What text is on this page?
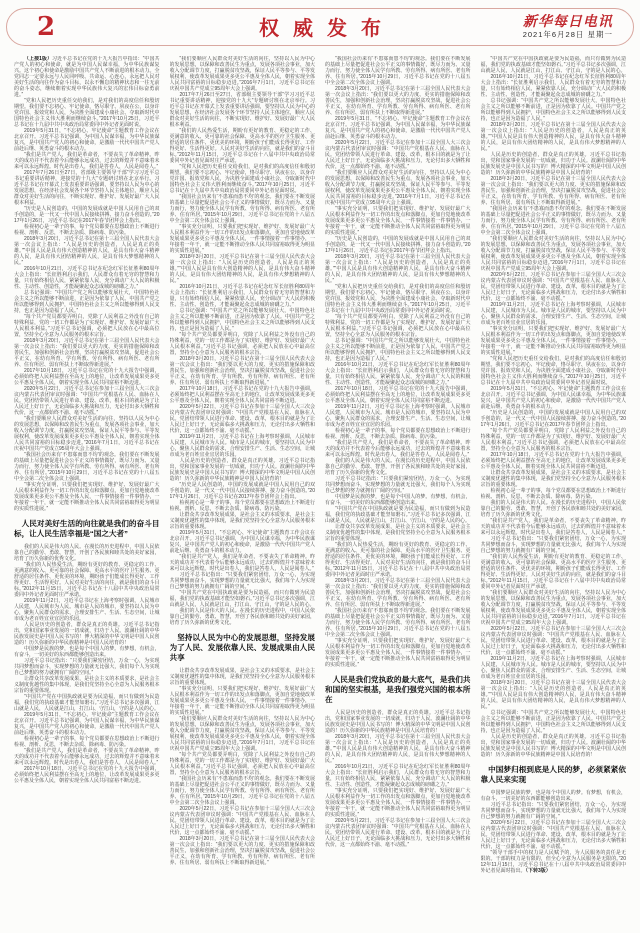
2	权威发布	新华每日电讯
2021年6月28日 星期一

（上接1版）习近平总书记在党的十九大报告中指出：“中国共产党人的初心和使命，就是为中国人民谋幸福，为中华民族谋复兴。这个初心和使命是激励中国共产党人不断前进的根本动力。全党同志一定要永远与人民同呼吸、共命运、心连心，永远把人民对美好生活的向往作为奋斗目标，以永不懈怠的精神状态和一往无前的奋斗姿态，继续朝着实现中华民族伟大复兴的宏伟目标奋勇前进。”

“党和人民把历史重任交给我们，是对我们的高度信任和殷切期望。我们要不忘初心、牢记使命，恪尽职守、夙夜在公，以身许党许国、报效党和人民，为决胜全面建成小康社会、夺取新时代中国特色社会主义伟大胜利而继续奋斗。”2017年10月25日，习近平总书记在十九届中共中央政治局常委同中外记者见面时说。

2019年5月31日，“不忘初心、牢记使命”主题教育工作会议在北京召开。习近平总书记强调，为中国人民谋幸福，为中华民族谋复兴，是中国共产党人的初心和使命，是激励一代代中国共产党人前赴后继、英勇奋斗的根本动力。

“我们是共产党人，我们是革命者，不要丧失了革命精神。昨天的成功并不代表着今后能够永远成功，过去的辉煌并不意味着未来可以永远辉煌。时代是出卷人，我们是答卷人，人民是阅卷人。”

2017年7月26日至27日，省部级主要领导干部“学习习近平总书记重要讲话精神，迎接党的十九大”专题研讨班在北京举行。习近平总书记在开幕式上发表重要讲话强调，要坚持以人民为中心的发展思想，在经济社会发展各个环节坚持人民主体地位，顺应人民群众对美好生活的向往，不断实现好、维护好、发展好最广大人民根本利益。

“历史是人民创造的，中国的发展成就是中国人民用自己的双手创造的，是一代又一代中国人民接续拼搏、接力奋斗创造的。”2017年1月26日，习近平总书记在2017年春节团拜会上指出。

检视初心是一辈子的事，每个党员都要在思想政治上不断进行检视、剖析、反思，不断去杂质、除病毒、防污染。

2018年3月20日，习近平总书记在第十三届全国人民代表大会第一次会议上指出：“人民是历史的创造者，人民是真正的英雄。”“中国人民是具有伟大创造精神的人民，是具有伟大奋斗精神的人民，是具有伟大团结精神的人民，是具有伟大梦想精神的人民。”

2016年10月21日，习近平总书记在纪念红军长征胜利80周年大会上指出：“长征胜利启示我们，人民群众有着无穷的智慧和力量，只有始终相信人民，紧紧依靠人民，充分调动广大人民的积极性、主动性、创造性，才能凝聚起众志成城的磅礴之力。”

总书记强调：“中国共产党之所以能够发展壮大，中国特色社会主义之所以能够不断前进，正是因为依靠了人民。中国共产党之所以能够得到人民拥护，中国特色社会主义之所以能够得到人民支持，也正是因为造福了人民。”

“每个共产党员都要弄明白，党除了人民利益之外没有自己的特殊利益，党的一切工作都是为了实现好、维护好、发展好最广大人民根本利益。”习近平总书记强调，必须把人民放在心中最高位置，坚持全心全意为人民服务的根本宗旨。

2018年3月20日，习近平总书记在第十三届全国人民代表大会第一次会议上指出：“我们要以更大的力度、更实的措施保障和改善民生，加强和创新社会治理，坚决打赢脱贫攻坚战，促进社会公平正义，在幼有所育、学有所教、劳有所得、病有所医、老有所养、住有所居、弱有所扶上不断取得新进展。”

2017年10月18日，习近平总书记在党的十九大报告中强调，必须始终把人民利益摆在至高无上的地位，让改革发展成果更多更公平惠及全体人民，朝着实现全体人民共同富裕不断迈进。

2020年5月22日，习近平总书记在参加十三届全国人大三次会议内蒙古代表团审议时强调：“中国共产党根基在人民、血脉在人民。党团结带领人民进行革命、建设、改革，根本目的就是为了让人民过上好日子，无论面临多大挑战和压力，无论付出多大牺牲和代价，这一点都始终不渝、毫不动摇。”

“我们要顺应人民群众对美好生活的向往，坚持以人民为中心的发展思想，以保障和改善民生为重点，发展各项社会事业，加大收入分配调节力度，打赢脱贫攻坚战，保证人民平等参与、平等发展权利，使改革发展成果更多更公平惠及全体人民，朝着实现全体人民共同富裕的目标稳步迈进。”2016年7月1日，习近平总书记在庆祝中国共产党成立95周年大会上强调。

“我国社会历来有‘不患寡而患不均’的观念。我们要在不断发展的基础上尽量把促进社会公平正义的事情做好，既尽力而为、又量力而行，努力使全体人民学有所教、劳有所得、病有所医、老有所养、住有所居。”2015年10月29日，习近平总书记在党的十八届五中全会第二次全体会议上强调。

“事实充分证明，只要我们把实现好、维护好、发展好最广大人民根本利益作为一切工作的出发点和落脚点，更加自觉地使改革发展成果更多更公平惠及全体人民，一件事情接着一件事情办，一年接着一年干，就一定能不断推动全体人民共同富裕取得更为明显的实质性进展。”

人民对美好生活的向往就是我们的奋斗目标，让人民生活幸福是“国之大者”

我们的人民是伟大的人民。在漫长的历史进程中，中国人民依靠自己的勤劳、勇敢、智慧，开创了各民族和睦共处的美好家园，培育了历久弥新的优秀文化。

“我们的人民热爱生活，期盼有更好的教育、更稳定的工作、更满意的收入、更可靠的社会保障、更高水平的医疗卫生服务、更舒适的居住条件、更优美的环境，期盼孩子们能成长得更好、工作得更好、生活得更好。人民对美好生活的向往，就是我们的奋斗目标。”2012年11月15日，习近平总书记在十八届中共中央政治局常委同中外记者见面时庄严承诺。

2019年11月2日，习近平总书记在上海考察时强调，人民城市人民建，人民城市为人民。城市是人民的城市，要坚持以人民为中心，聚焦人民群众的需求，合理安排生产、生活、生态空间，让城市成为老百姓宜业宜居的乐园。

人民是历史的创造者，群众是真正的英雄。习近平总书记指出，党和国家事业发展的一切成就，归功于人民。波澜壮阔的中华民族发展史是中国人民书写的！博大精深的中华文明是中国人民创造的！历久弥新的中华民族精神是中国人民培育的！

中国梦是民族的梦，也是每个中国人的梦。有梦想，有机会，有奋斗，一切美好的东西都能够创造出来。

习近平总书记指出：“只要我们紧密团结，万众一心，为实现共同梦想而奋斗，实现梦想的力量就无比强大，我们每个人为实现自己梦想的努力就拥有广阔的空间。”

让群众共享改革发展成果，是社会主义的本质要求，是社会主义制度优越性的集中体现，是我们党坚持全心全意为人民服务根本宗旨的重要体现。

“中国共产党在中国执政就是要为民造福，而只有做到为民造福，我们党的执政基础才能坚如磐石。”习近平总书记多次强调，江山就是人民，人民就是江山，打江山、守江山，守的是人民的心。

2019年5月31日，“不忘初心、牢记使命”主题教育工作会议在北京召开。习近平总书记强调，为中国人民谋幸福，为中华民族谋复兴，是中国共产党人的初心和使命，是激励一代代中国共产党人前赴后继、英勇奋斗的根本动力。

检视初心是一辈子的事，每个党员都要在思想政治上不断进行检视、剖析、反思，不断去杂质、除病毒、防污染。

“我们是共产党人，我们是革命者，不要丧失了革命精神。昨天的成功并不代表着今后能够永远成功，过去的辉煌并不意味着未来可以永远辉煌。时代是出卷人，我们是答卷人，人民是阅卷人。”

2017年10月18日，习近平总书记在党的十九大报告中强调，必须始终把人民利益摆在至高无上的地位，让改革发展成果更多更公平惠及全体人民，朝着实现全体人民共同富裕不断迈进。

“我们要顺应人民群众对美好生活的向往，坚持以人民为中心的发展思想，以保障和改善民生为重点，发展各项社会事业，加大收入分配调节力度，打赢脱贫攻坚战，保证人民平等参与、平等发展权利，使改革发展成果更多更公平惠及全体人民，朝着实现全体人民共同富裕的目标稳步迈进。”2016年7月1日，习近平总书记在庆祝中国共产党成立95周年大会上强调。

2017年7月26日至27日，省部级主要领导干部“学习习近平总书记重要讲话精神，迎接党的十九大”专题研讨班在北京举行。习近平总书记在开幕式上发表重要讲话强调，要坚持以人民为中心的发展思想，在经济社会发展各个环节坚持人民主体地位，顺应人民群众对美好生活的向往，不断实现好、维护好、发展好最广大人民根本利益。

“我们的人民热爱生活，期盼有更好的教育、更稳定的工作、更满意的收入、更可靠的社会保障、更高水平的医疗卫生服务、更舒适的居住条件、更优美的环境，期盼孩子们能成长得更好、工作得更好、生活得更好。人民对美好生活的向往，就是我们的奋斗目标。”2012年11月15日，习近平总书记在十八届中共中央政治局常委同中外记者见面时庄严承诺。

“党和人民把历史重任交给我们，是对我们的高度信任和殷切期望。我们要不忘初心、牢记使命，恪尽职守、夙夜在公，以身许党许国、报效党和人民，为决胜全面建成小康社会、夺取新时代中国特色社会主义伟大胜利而继续奋斗。”2017年10月25日，习近平总书记在十九届中共中央政治局常委同中外记者见面时说。

“我国社会历来有‘不患寡而患不均’的观念。我们要在不断发展的基础上尽量把促进社会公平正义的事情做好，既尽力而为、又量力而行，努力使全体人民学有所教、劳有所得、病有所医、老有所养、住有所居。”2015年10月29日，习近平总书记在党的十八届五中全会第二次全体会议上强调。

“事实充分证明，只要我们把实现好、维护好、发展好最广大人民根本利益作为一切工作的出发点和落脚点，更加自觉地使改革发展成果更多更公平惠及全体人民，一件事情接着一件事情办，一年接着一年干，就一定能不断推动全体人民共同富裕取得更为明显的实质性进展。”

2018年3月20日，习近平总书记在第十三届全国人民代表大会第一次会议上指出：“人民是历史的创造者，人民是真正的英雄。”“中国人民是具有伟大创造精神的人民，是具有伟大奋斗精神的人民，是具有伟大团结精神的人民，是具有伟大梦想精神的人民。”

2016年10月21日，习近平总书记在纪念红军长征胜利80周年大会上指出：“长征胜利启示我们，人民群众有着无穷的智慧和力量，只有始终相信人民，紧紧依靠人民，充分调动广大人民的积极性、主动性、创造性，才能凝聚起众志成城的磅礴之力。”

总书记强调：“中国共产党之所以能够发展壮大，中国特色社会主义之所以能够不断前进，正是因为依靠了人民。中国共产党之所以能够得到人民拥护，中国特色社会主义之所以能够得到人民支持，也正是因为造福了人民。”

“每个共产党员都要弄明白，党除了人民利益之外没有自己的特殊利益，党的一切工作都是为了实现好、维护好、发展好最广大人民根本利益。”习近平总书记强调，必须把人民放在心中最高位置，坚持全心全意为人民服务的根本宗旨。

2018年3月20日，习近平总书记在第十三届全国人民代表大会第一次会议上指出：“我们要以更大的力度、更实的措施保障和改善民生，加强和创新社会治理，坚决打赢脱贫攻坚战，促进社会公平正义，在幼有所育、学有所教、劳有所得、病有所医、老有所养、住有所居、弱有所扶上不断取得新进展。”

2017年10月18日，习近平总书记在党的十九大报告中强调，必须始终把人民利益摆在至高无上的地位，让改革发展成果更多更公平惠及全体人民，朝着实现全体人民共同富裕不断迈进。

2020年5月22日，习近平总书记在参加十三届全国人大三次会议内蒙古代表团审议时强调：“中国共产党根基在人民、血脉在人民。党团结带领人民进行革命、建设、改革，根本目的就是为了让人民过上好日子，无论面临多大挑战和压力，无论付出多大牺牲和代价，这一点都始终不渝、毫不动摇。”

2019年11月2日，习近平总书记在上海考察时强调，人民城市人民建，人民城市为人民。城市是人民的城市，要坚持以人民为中心，聚焦人民群众的需求，合理安排生产、生活、生态空间，让城市成为老百姓宜业宜居的乐园。

人民是历史的创造者，群众是真正的英雄。习近平总书记指出，党和国家事业发展的一切成就，归功于人民。波澜壮阔的中华民族发展史是中国人民书写的！博大精深的中华文明是中国人民创造的！历久弥新的中华民族精神是中国人民培育的！

“历史是人民创造的，中国的发展成就是中国人民用自己的双手创造的，是一代又一代中国人民接续拼搏、接力奋斗创造的。”2017年1月26日，习近平总书记在2017年春节团拜会上指出。

检视初心是一辈子的事，每个党员都要在思想政治上不断进行检视、剖析、反思，不断去杂质、除病毒、防污染。

让群众共享改革发展成果，是社会主义的本质要求，是社会主义制度优越性的集中体现，是我们党坚持全心全意为人民服务根本宗旨的重要体现。

2019年5月31日，“不忘初心、牢记使命”主题教育工作会议在北京召开。习近平总书记强调，为中国人民谋幸福，为中华民族谋复兴，是中国共产党人的初心和使命，是激励一代代中国共产党人前赴后继、英勇奋斗的根本动力。

“我们是共产党人，我们是革命者，不要丧失了革命精神。昨天的成功并不代表着今后能够永远成功，过去的辉煌并不意味着未来可以永远辉煌。时代是出卷人，我们是答卷人，人民是阅卷人。”

习近平总书记指出：“只要我们紧密团结，万众一心，为实现共同梦想而奋斗，实现梦想的力量就无比强大，我们每个人为实现自己梦想的努力就拥有广阔的空间。”

“中国共产党在中国执政就是要为民造福，而只有做到为民造福，我们党的执政基础才能坚如磐石。”习近平总书记多次强调，江山就是人民，人民就是江山，打江山、守江山，守的是人民的心。

我们的人民是伟大的人民。在漫长的历史进程中，中国人民依靠自己的勤劳、勇敢、智慧，开创了各民族和睦共处的美好家园，培育了历久弥新的优秀文化。

坚持以人民为中心的发展思想，坚持发展为了人民、发展依靠人民、发展成果由人民共享

让群众共享改革发展成果，是社会主义的本质要求，是社会主义制度优越性的集中体现，是我们党坚持全心全意为人民服务根本宗旨的重要体现。

“事实充分证明，只要我们把实现好、维护好、发展好最广大人民根本利益作为一切工作的出发点和落脚点，更加自觉地使改革发展成果更多更公平惠及全体人民，一件事情接着一件事情办，一年接着一年干，就一定能不断推动全体人民共同富裕取得更为明显的实质性进展。”

“我们要顺应人民群众对美好生活的向往，坚持以人民为中心的发展思想，以保障和改善民生为重点，发展各项社会事业，加大收入分配调节力度，打赢脱贫攻坚战，保证人民平等参与、平等发展权利，使改革发展成果更多更公平惠及全体人民，朝着实现全体人民共同富裕的目标稳步迈进。”2016年7月1日，习近平总书记在庆祝中国共产党成立95周年大会上强调。

“每个共产党员都要弄明白，党除了人民利益之外没有自己的特殊利益，党的一切工作都是为了实现好、维护好、发展好最广大人民根本利益。”习近平总书记强调，必须把人民放在心中最高位置，坚持全心全意为人民服务的根本宗旨。

“我国社会历来有‘不患寡而患不均’的观念。我们要在不断发展的基础上尽量把促进社会公平正义的事情做好，既尽力而为、又量力而行，努力使全体人民学有所教、劳有所得、病有所医、老有所养、住有所居。”2015年10月29日，习近平总书记在党的十八届五中全会第二次全体会议上强调。

2020年5月22日，习近平总书记在参加十三届全国人大三次会议内蒙古代表团审议时强调：“中国共产党根基在人民、血脉在人民。党团结带领人民进行革命、建设、改革，根本目的就是为了让人民过上好日子，无论面临多大挑战和压力，无论付出多大牺牲和代价，这一点都始终不渝、毫不动摇。”

2018年3月20日，习近平总书记在第十三届全国人民代表大会第一次会议上指出：“我们要以更大的力度、更实的措施保障和改善民生，加强和创新社会治理，坚决打赢脱贫攻坚战，促进社会公平正义，在幼有所育、学有所教、劳有所得、病有所医、老有所养、住有所居、弱有所扶上不断取得新进展。”

“我国社会历来有‘不患寡而患不均’的观念。我们要在不断发展的基础上尽量把促进社会公平正义的事情做好，既尽力而为、又量力而行，努力使全体人民学有所教、劳有所得、病有所医、老有所养、住有所居。”2015年10月29日，习近平总书记在党的十八届五中全会第二次全体会议上强调。

2018年3月20日，习近平总书记在第十三届全国人民代表大会第一次会议上指出：“我们要以更大的力度、更实的措施保障和改善民生，加强和创新社会治理，坚决打赢脱贫攻坚战，促进社会公平正义，在幼有所育、学有所教、劳有所得、病有所医、老有所养、住有所居、弱有所扶上不断取得新进展。”

2019年5月31日，“不忘初心、牢记使命”主题教育工作会议在北京召开。习近平总书记强调，为中国人民谋幸福，为中华民族谋复兴，是中国共产党人的初心和使命，是激励一代代中国共产党人前赴后继、英勇奋斗的根本动力。

2020年5月22日，习近平总书记在参加十三届全国人大三次会议内蒙古代表团审议时强调：“中国共产党根基在人民、血脉在人民。党团结带领人民进行革命、建设、改革，根本目的就是为了让人民过上好日子，无论面临多大挑战和压力，无论付出多大牺牲和代价，这一点都始终不渝、毫不动摇。”

“我们要顺应人民群众对美好生活的向往，坚持以人民为中心的发展思想，以保障和改善民生为重点，发展各项社会事业，加大收入分配调节力度，打赢脱贫攻坚战，保证人民平等参与、平等发展权利，使改革发展成果更多更公平惠及全体人民，朝着实现全体人民共同富裕的目标稳步迈进。”2016年7月1日，习近平总书记在庆祝中国共产党成立95周年大会上强调。

“事实充分证明，只要我们把实现好、维护好、发展好最广大人民根本利益作为一切工作的出发点和落脚点，更加自觉地使改革发展成果更多更公平惠及全体人民，一件事情接着一件事情办，一年接着一年干，就一定能不断推动全体人民共同富裕取得更为明显的实质性进展。”

“历史是人民创造的，中国的发展成就是中国人民用自己的双手创造的，是一代又一代中国人民接续拼搏、接力奋斗创造的。”2017年1月26日，习近平总书记在2017年春节团拜会上指出。

2018年3月20日，习近平总书记在第十三届全国人民代表大会第一次会议上指出：“人民是历史的创造者，人民是真正的英雄。”“中国人民是具有伟大创造精神的人民，是具有伟大奋斗精神的人民，是具有伟大团结精神的人民，是具有伟大梦想精神的人民。”

“党和人民把历史重任交给我们，是对我们的高度信任和殷切期望。我们要不忘初心、牢记使命，恪尽职守、夙夜在公，以身许党许国、报效党和人民，为决胜全面建成小康社会、夺取新时代中国特色社会主义伟大胜利而继续奋斗。”2017年10月25日，习近平总书记在十九届中共中央政治局常委同中外记者见面时说。

“每个共产党员都要弄明白，党除了人民利益之外没有自己的特殊利益，党的一切工作都是为了实现好、维护好、发展好最广大人民根本利益。”习近平总书记强调，必须把人民放在心中最高位置，坚持全心全意为人民服务的根本宗旨。

总书记强调：“中国共产党之所以能够发展壮大，中国特色社会主义之所以能够不断前进，正是因为依靠了人民。中国共产党之所以能够得到人民拥护，中国特色社会主义之所以能够得到人民支持，也正是因为造福了人民。”

2016年10月21日，习近平总书记在纪念红军长征胜利80周年大会上指出：“长征胜利启示我们，人民群众有着无穷的智慧和力量，只有始终相信人民，紧紧依靠人民，充分调动广大人民的积极性、主动性、创造性，才能凝聚起众志成城的磅礴之力。”

2017年10月18日，习近平总书记在党的十九大报告中强调，必须始终把人民利益摆在至高无上的地位，让改革发展成果更多更公平惠及全体人民，朝着实现全体人民共同富裕不断迈进。

2019年11月2日，习近平总书记在上海考察时强调，人民城市人民建，人民城市为人民。城市是人民的城市，要坚持以人民为中心，聚焦人民群众的需求，合理安排生产、生活、生态空间，让城市成为老百姓宜业宜居的乐园。

检视初心是一辈子的事，每个党员都要在思想政治上不断进行检视、剖析、反思，不断去杂质、除病毒、防污染。

“我们是共产党人，我们是革命者，不要丧失了革命精神。昨天的成功并不代表着今后能够永远成功，过去的辉煌并不意味着未来可以永远辉煌。时代是出卷人，我们是答卷人，人民是阅卷人。”

我们的人民是伟大的人民。在漫长的历史进程中，中国人民依靠自己的勤劳、勇敢、智慧，开创了各民族和睦共处的美好家园，培育了历久弥新的优秀文化。

习近平总书记指出：“只要我们紧密团结，万众一心，为实现共同梦想而奋斗，实现梦想的力量就无比强大，我们每个人为实现自己梦想的努力就拥有广阔的空间。”

中国梦是民族的梦，也是每个中国人的梦。有梦想，有机会，有奋斗，一切美好的东西都能够创造出来。

“中国共产党在中国执政就是要为民造福，而只有做到为民造福，我们党的执政基础才能坚如磐石。”习近平总书记多次强调，江山就是人民，人民就是江山，打江山、守江山，守的是人民的心。

让群众共享改革发展成果，是社会主义的本质要求，是社会主义制度优越性的集中体现，是我们党坚持全心全意为人民服务根本宗旨的重要体现。

“我们的人民热爱生活，期盼有更好的教育、更稳定的工作、更满意的收入、更可靠的社会保障、更高水平的医疗卫生服务、更舒适的居住条件、更优美的环境，期盼孩子们能成长得更好、工作得更好、生活得更好。人民对美好生活的向往，就是我们的奋斗目标。”2012年11月15日，习近平总书记在十八届中共中央政治局常委同中外记者见面时庄严承诺。

2018年3月20日，习近平总书记在第十三届全国人民代表大会第一次会议上指出：“我们要以更大的力度、更实的措施保障和改善民生，加强和创新社会治理，坚决打赢脱贫攻坚战，促进社会公平正义，在幼有所育、学有所教、劳有所得、病有所医、老有所养、住有所居、弱有所扶上不断取得新进展。”

“我国社会历来有‘不患寡而患不均’的观念。我们要在不断发展的基础上尽量把促进社会公平正义的事情做好，既尽力而为、又量力而行，努力使全体人民学有所教、劳有所得、病有所医、老有所养、住有所居。”2015年10月29日，习近平总书记在党的十八届五中全会第二次全体会议上强调。

“事实充分证明，只要我们把实现好、维护好、发展好最广大人民根本利益作为一切工作的出发点和落脚点，更加自觉地使改革发展成果更多更公平惠及全体人民，一件事情接着一件事情办，一年接着一年干，就一定能不断推动全体人民共同富裕取得更为明显的实质性进展。”

人民是我们党执政的最大底气，是我们共和国的坚实根基，是我们强党兴国的根本所在

人民是历史的创造者，群众是真正的英雄。习近平总书记指出，党和国家事业发展的一切成就，归功于人民。波澜壮阔的中华民族发展史是中国人民书写的！博大精深的中华文明是中国人民创造的！历久弥新的中华民族精神是中国人民培育的！

2018年3月20日，习近平总书记在第十三届全国人民代表大会第一次会议上指出：“人民是历史的创造者，人民是真正的英雄。”“中国人民是具有伟大创造精神的人民，是具有伟大奋斗精神的人民，是具有伟大团结精神的人民，是具有伟大梦想精神的人民。”

2016年10月21日，习近平总书记在纪念红军长征胜利80周年大会上指出：“长征胜利启示我们，人民群众有着无穷的智慧和力量，只有始终相信人民，紧紧依靠人民，充分调动广大人民的积极性、主动性、创造性，才能凝聚起众志成城的磅礴之力。”

“事实充分证明，只要我们把实现好、维护好、发展好最广大人民根本利益作为一切工作的出发点和落脚点，更加自觉地使改革发展成果更多更公平惠及全体人民，一件事情接着一件事情办，一年接着一年干，就一定能不断推动全体人民共同富裕取得更为明显的实质性进展。”

2020年5月22日，习近平总书记在参加十三届全国人大三次会议内蒙古代表团审议时强调：“中国共产党根基在人民、血脉在人民。党团结带领人民进行革命、建设、改革，根本目的就是为了让人民过上好日子，无论面临多大挑战和压力，无论付出多大牺牲和代价，这一点都始终不渝、毫不动摇。”

“中国共产党在中国执政就是要为民造福，而只有做到为民造福，我们党的执政基础才能坚如磐石。”习近平总书记多次强调，江山就是人民，人民就是江山，打江山、守江山，守的是人民的心。

2016年10月21日，习近平总书记在纪念红军长征胜利80周年大会上指出：“长征胜利启示我们，人民群众有着无穷的智慧和力量，只有始终相信人民，紧紧依靠人民，充分调动广大人民的积极性、主动性、创造性，才能凝聚起众志成城的磅礴之力。”

总书记强调：“中国共产党之所以能够发展壮大，中国特色社会主义之所以能够不断前进，正是因为依靠了人民。中国共产党之所以能够得到人民拥护，中国特色社会主义之所以能够得到人民支持，也正是因为造福了人民。”

2018年3月20日，习近平总书记在第十三届全国人民代表大会第一次会议上指出：“人民是历史的创造者，人民是真正的英雄。”“中国人民是具有伟大创造精神的人民，是具有伟大奋斗精神的人民，是具有伟大团结精神的人民，是具有伟大梦想精神的人民。”

人民是历史的创造者，群众是真正的英雄。习近平总书记指出，党和国家事业发展的一切成就，归功于人民。波澜壮阔的中华民族发展史是中国人民书写的！博大精深的中华文明是中国人民创造的！历久弥新的中华民族精神是中国人民培育的！

2018年3月20日，习近平总书记在第十三届全国人民代表大会第一次会议上指出：“我们要以更大的力度、更实的措施保障和改善民生，加强和创新社会治理，坚决打赢脱贫攻坚战，促进社会公平正义，在幼有所育、学有所教、劳有所得、病有所医、老有所养、住有所居、弱有所扶上不断取得新进展。”

“我国社会历来有‘不患寡而患不均’的观念。我们要在不断发展的基础上尽量把促进社会公平正义的事情做好，既尽力而为、又量力而行，努力使全体人民学有所教、劳有所得、病有所医、老有所养、住有所居。”2015年10月29日，习近平总书记在党的十八届五中全会第二次全体会议上强调。

“我们要顺应人民群众对美好生活的向往，坚持以人民为中心的发展思想，以保障和改善民生为重点，发展各项社会事业，加大收入分配调节力度，打赢脱贫攻坚战，保证人民平等参与、平等发展权利，使改革发展成果更多更公平惠及全体人民，朝着实现全体人民共同富裕的目标稳步迈进。”2016年7月1日，习近平总书记在庆祝中国共产党成立95周年大会上强调。

2020年5月22日，习近平总书记在参加十三届全国人大三次会议内蒙古代表团审议时强调：“中国共产党根基在人民、血脉在人民。党团结带领人民进行革命、建设、改革，根本目的就是为了让人民过上好日子，无论面临多大挑战和压力，无论付出多大牺牲和代价，这一点都始终不渝、毫不动摇。”

2019年11月2日，习近平总书记在上海考察时强调，人民城市人民建，人民城市为人民。城市是人民的城市，要坚持以人民为中心，聚焦人民群众的需求，合理安排生产、生活、生态空间，让城市成为老百姓宜业宜居的乐园。

“事实充分证明，只要我们把实现好、维护好、发展好最广大人民根本利益作为一切工作的出发点和落脚点，更加自觉地使改革发展成果更多更公平惠及全体人民，一件事情接着一件事情办，一年接着一年干，就一定能不断推动全体人民共同富裕取得更为明显的实质性进展。”

“党和人民把历史重任交给我们，是对我们的高度信任和殷切期望。我们要不忘初心、牢记使命，恪尽职守、夙夜在公，以身许党许国、报效党和人民，为决胜全面建成小康社会、夺取新时代中国特色社会主义伟大胜利而继续奋斗。”2017年10月25日，习近平总书记在十九届中共中央政治局常委同中外记者见面时说。

2019年5月31日，“不忘初心、牢记使命”主题教育工作会议在北京召开。习近平总书记强调，为中国人民谋幸福，为中华民族谋复兴，是中国共产党人的初心和使命，是激励一代代中国共产党人前赴后继、英勇奋斗的根本动力。

“历史是人民创造的，中国的发展成就是中国人民用自己的双手创造的，是一代又一代中国人民接续拼搏、接力奋斗创造的。”2017年1月26日，习近平总书记在2017年春节团拜会上指出。

“每个共产党员都要弄明白，党除了人民利益之外没有自己的特殊利益，党的一切工作都是为了实现好、维护好、发展好最广大人民根本利益。”习近平总书记强调，必须把人民放在心中最高位置，坚持全心全意为人民服务的根本宗旨。

2017年10月18日，习近平总书记在党的十九大报告中强调，必须始终把人民利益摆在至高无上的地位，让改革发展成果更多更公平惠及全体人民，朝着实现全体人民共同富裕不断迈进。

让群众共享改革发展成果，是社会主义的本质要求，是社会主义制度优越性的集中体现，是我们党坚持全心全意为人民服务根本宗旨的重要体现。

检视初心是一辈子的事，每个党员都要在思想政治上不断进行检视、剖析、反思，不断去杂质、除病毒、防污染。

我们的人民是伟大的人民。在漫长的历史进程中，中国人民依靠自己的勤劳、勇敢、智慧，开创了各民族和睦共处的美好家园，培育了历久弥新的优秀文化。

“我们是共产党人，我们是革命者，不要丧失了革命精神。昨天的成功并不代表着今后能够永远成功，过去的辉煌并不意味着未来可以永远辉煌。时代是出卷人，我们是答卷人，人民是阅卷人。”

习近平总书记指出：“只要我们紧密团结，万众一心，为实现共同梦想而奋斗，实现梦想的力量就无比强大，我们每个人为实现自己梦想的努力就拥有广阔的空间。”

“我们的人民热爱生活，期盼有更好的教育、更稳定的工作、更满意的收入、更可靠的社会保障、更高水平的医疗卫生服务、更舒适的居住条件、更优美的环境，期盼孩子们能成长得更好、工作得更好、生活得更好。人民对美好生活的向往，就是我们的奋斗目标。”2012年11月15日，习近平总书记在十八届中共中央政治局常委同中外记者见面时庄严承诺。

“我们要顺应人民群众对美好生活的向往，坚持以人民为中心的发展思想，以保障和改善民生为重点，发展各项社会事业，加大收入分配调节力度，打赢脱贫攻坚战，保证人民平等参与、平等发展权利，使改革发展成果更多更公平惠及全体人民，朝着实现全体人民共同富裕的目标稳步迈进。”2016年7月1日，习近平总书记在庆祝中国共产党成立95周年大会上强调。

2020年5月22日，习近平总书记在参加十三届全国人大三次会议内蒙古代表团审议时强调：“中国共产党根基在人民、血脉在人民。党团结带领人民进行革命、建设、改革，根本目的就是为了让人民过上好日子，无论面临多大挑战和压力，无论付出多大牺牲和代价，这一点都始终不渝、毫不动摇。”

2019年11月2日，习近平总书记在上海考察时强调，人民城市人民建，人民城市为人民。城市是人民的城市，要坚持以人民为中心，聚焦人民群众的需求，合理安排生产、生活、生态空间，让城市成为老百姓宜业宜居的乐园。

2018年3月20日，习近平总书记在第十三届全国人民代表大会第一次会议上指出：“人民是历史的创造者，人民是真正的英雄。”“中国人民是具有伟大创造精神的人民，是具有伟大奋斗精神的人民，是具有伟大团结精神的人民，是具有伟大梦想精神的人民。”

总书记强调：“中国共产党之所以能够发展壮大，中国特色社会主义之所以能够不断前进，正是因为依靠了人民。中国共产党之所以能够得到人民拥护，中国特色社会主义之所以能够得到人民支持，也正是因为造福了人民。”

人民是历史的创造者，群众是真正的英雄。习近平总书记指出，党和国家事业发展的一切成就，归功于人民。波澜壮阔的中华民族发展史是中国人民书写的！博大精深的中华文明是中国人民创造的！历久弥新的中华民族精神是中国人民培育的！

中国梦归根到底是人民的梦，必须紧紧依靠人民来实现

中国梦是民族的梦，也是每个中国人的梦。有梦想，有机会，有奋斗，一切美好的东西都能够创造出来。

习近平总书记指出：“只要我们紧密团结，万众一心，为实现共同梦想而奋斗，实现梦想的力量就无比强大，我们每个人为实现自己梦想的努力就拥有广阔的空间。”

2020年5月22日，习近平总书记在参加十三届全国人大三次会议内蒙古代表团审议时强调：“中国共产党根基在人民、血脉在人民。党团结带领人民进行革命、建设、改革，根本目的就是为了让人民过上好日子，无论面临多大挑战和压力，无论付出多大牺牲和代价，这一点都始终不渝、毫不动摇。”

“领导干部手中的权力是人民赋予的，为人民服务的责任是无限的。干部的权力是有限的，但全心全意为人民服务是无限的。”2012年11月15日，习近平总书记在十八届中共中央政治局常委同中外记者见面时指出。（下转3版）
